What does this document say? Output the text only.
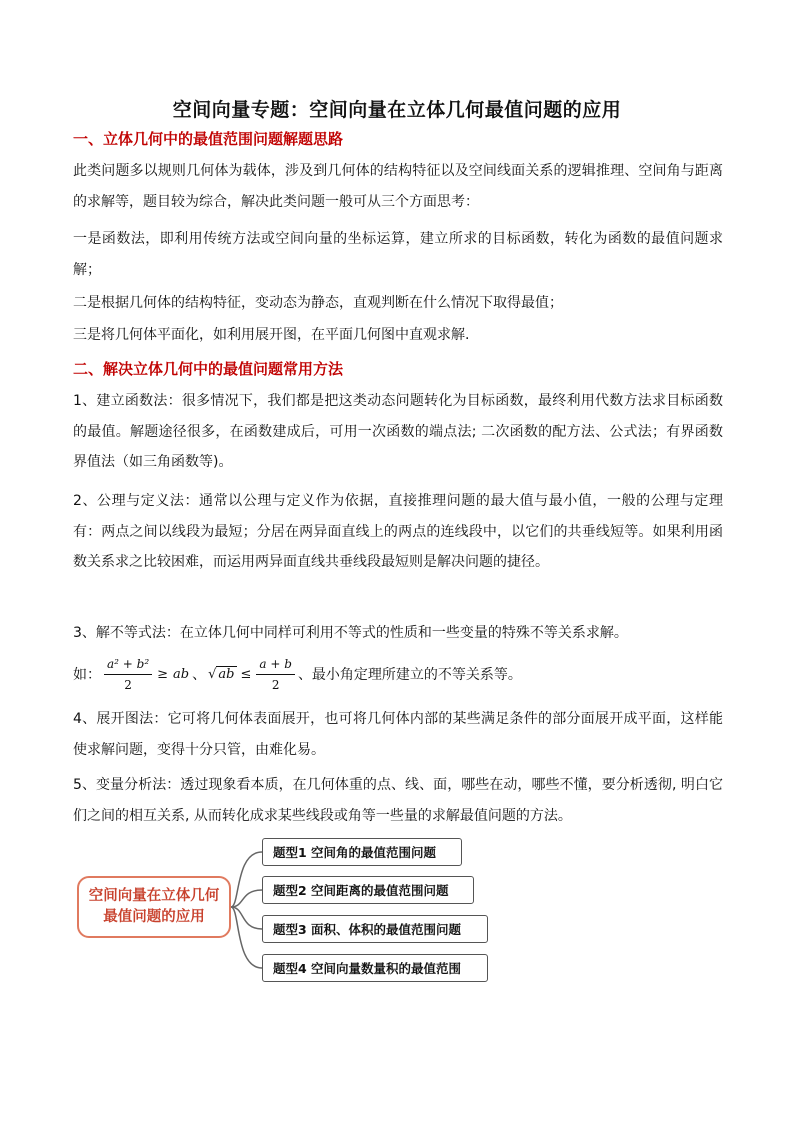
空间向量专题：空间向量在立体几何最值问题的应用
一、立体几何中的最值范围问题解题思路

此类问题多以规则几何体为载体，涉及到几何体的结构特征以及空间线面关系的逻辑推理、空间角与距离的求解等，题目较为综合，解决此类问题一般可从三个方面思考：

一是函数法，即利用传统方法或空间向量的坐标运算，建立所求的目标函数，转化为函数的最值问题求解；

二是根据几何体的结构特征，变动态为静态，直观判断在什么情况下取得最值；

三是将几何体平面化，如利用展开图，在平面几何图中直观求解.

二、解决立体几何中的最值问题常用方法

1、建立函数法：很多情况下，我们都是把这类动态问题转化为目标函数，最终利用代数方法求目标函数的最值。解题途径很多，在函数建成后，可用一次函数的端点法; 二次函数的配方法、公式法；有界函数界值法（如三角函数等)。

2、公理与定义法：通常以公理与定义作为依据，直接推理问题的最大值与最小值，一般的公理与定理有：两点之间以线段为最短；分居在两异面直线上的两点的连线段中，以它们的共垂线短等。如果利用函数关系求之比较困难，而运用两异面直线共垂线段最短则是解决问题的捷径。

3、解不等式法：在立体几何中同样可利用不等式的性质和一些变量的特殊不等关系求解。

如： $\frac{\text{a² + b²}}{2}$ ≥ ab 、 √ ab ≤ $\frac{a + b}{2}$ 、最小角定理所建立的不等关系等。

4、展开图法：它可将几何体表面展开，也可将几何体内部的某些满足条件的部分面展开成平面，这样能使求解问题，变得十分只管，由难化易。

5、变量分析法：透过现象看本质，在几何体重的点、线、面，哪些在动，哪些不懂，要分析透彻, 明白它们之间的相互关系, 从而转化成求某些线段或角等一些量的求解最值问题的方法。

空间向量在立体几何最值问题的应用
题型1 空间角的最值范围问题
题型2 空间距离的最值范围问题
题型3 面积、体积的最值范围问题
题型4 空间向量数量积的最值范围
